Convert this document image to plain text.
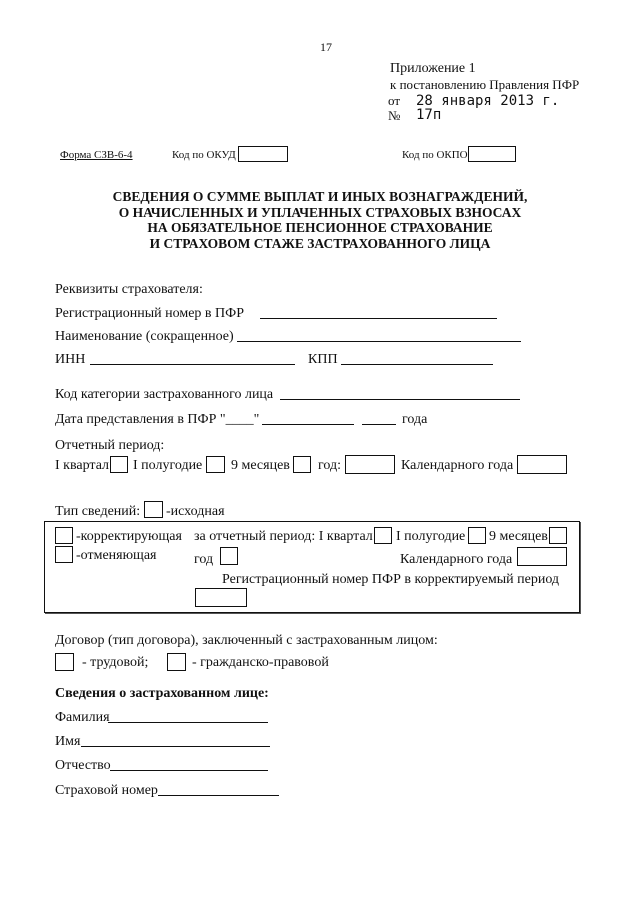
17
Приложение 1
к постановлению Правления ПФР
от 28 января 2013 г.
№ 17п
Форма СЗВ-6-4	Код по ОКУД	Код по ОКПО
СВЕДЕНИЯ О СУММЕ ВЫПЛАТ И ИНЫХ ВОЗНАГРАЖДЕНИЙ,
О НАЧИСЛЕННЫХ И УПЛАЧЕННЫХ СТРАХОВЫХ ВЗНОСАХ
НА ОБЯЗАТЕЛЬНОЕ ПЕНСИОННОЕ СТРАХОВАНИЕ
И СТРАХОВОМ СТАЖЕ ЗАСТРАХОВАННОГО ЛИЦА
Реквизиты страхователя:
Регистрационный номер в ПФР
Наименование (сокращенное)
ИНН	КПП
Код категории застрахованного лица
Дата представления в ПФР "____"	года
Отчетный период:
I квартал I полугодие 9 месяцев год:	Календарного года
Тип сведений: -исходная
-корректирующая
-отменяющая
за отчетный период: I квартал I полугодие 9 месяцев
год	Календарного года
Регистрационный номер ПФР в корректируемый период
Договор (тип договора), заключенный с застрахованным лицом:
- трудовой;	- гражданско-правовой
Сведения о застрахованном лице:
Фамилия
Имя
Отчество
Страховой номер
